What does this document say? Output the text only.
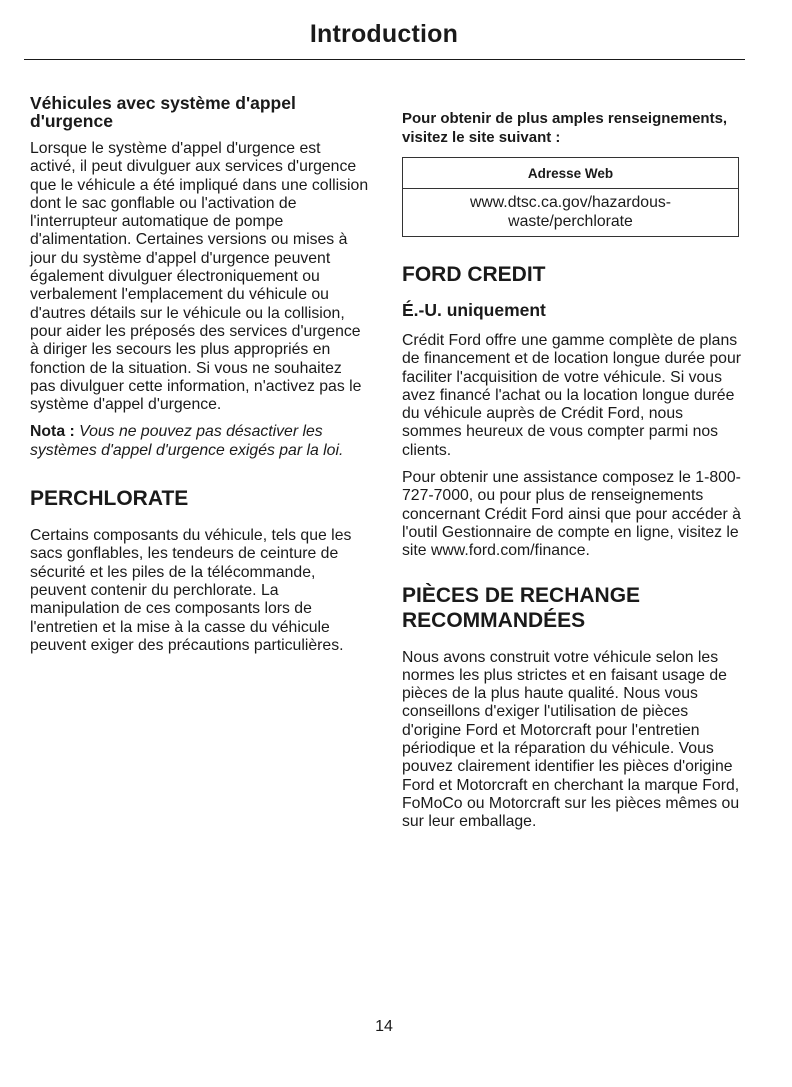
Introduction
Véhicules avec système d'appel d'urgence

Lorsque le système d'appel d'urgence est activé, il peut divulguer aux services d'urgence que le véhicule a été impliqué dans une collision dont le sac gonflable ou l'activation de l'interrupteur automatique de pompe d'alimentation. Certaines versions ou mises à jour du système d'appel d'urgence peuvent également divulguer électroniquement ou verbalement l'emplacement du véhicule ou d'autres détails sur le véhicule ou la collision, pour aider les préposés des services d'urgence à diriger les secours les plus appropriés en fonction de la situation. Si vous ne souhaitez pas divulguer cette information, n'activez pas le système d'appel d'urgence.

Nota : Vous ne pouvez pas désactiver les systèmes d'appel d'urgence exigés par la loi.

PERCHLORATE

Certains composants du véhicule, tels que les sacs gonflables, les tendeurs de ceinture de sécurité et les piles de la télécommande, peuvent contenir du perchlorate. La manipulation de ces composants lors de l'entretien et la mise à la casse du véhicule peuvent exiger des précautions particulières.

Pour obtenir de plus amples renseignements, visitez le site suivant :
Adresse Web
www.dtsc.ca.gov/hazardous-waste/perchlorate
FORD CREDIT
É.-U. uniquement

Crédit Ford offre une gamme complète de plans de financement et de location longue durée pour faciliter l'acquisition de votre véhicule. Si vous avez financé l'achat ou la location longue durée du véhicule auprès de Crédit Ford, nous sommes heureux de vous compter parmi nos clients.

Pour obtenir une assistance composez le 1-800-727-7000, ou pour plus de renseignements concernant Crédit Ford ainsi que pour accéder à l'outil Gestionnaire de compte en ligne, visitez le site www.ford.com/finance.

PIÈCES DE RECHANGE RECOMMANDÉES

Nous avons construit votre véhicule selon les normes les plus strictes et en faisant usage de pièces de la plus haute qualité. Nous vous conseillons d'exiger l'utilisation de pièces d'origine Ford et Motorcraft pour l'entretien périodique et la réparation du véhicule. Vous pouvez clairement identifier les pièces d'origine Ford et Motorcraft en cherchant la marque Ford, FoMoCo ou Motorcraft sur les pièces mêmes ou sur leur emballage.

14
